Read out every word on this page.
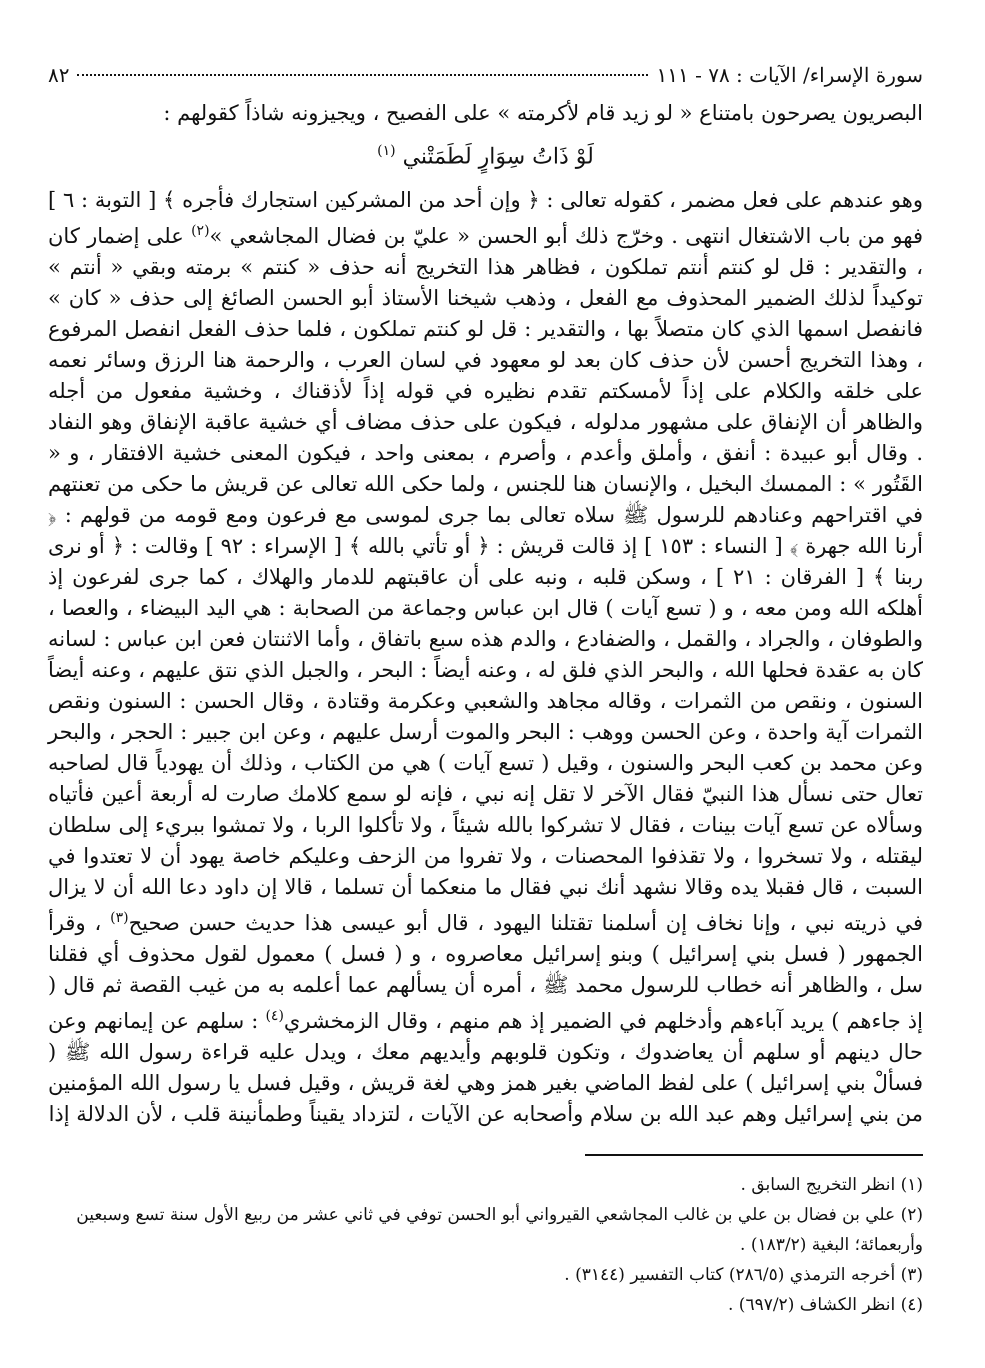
سورة الإسراء/ الآيات : ٧٨ - ١١١
٨٢

البصريون يصرحون بامتناع « لو زيد قام لأكرمته » على الفصيح ، ويجيزونه شاذاً كقولهم :

لَوْ ذَاتُ سِوَارٍ لَطَمَتْني $^{(١)}$

وهو عندهم على فعل مضمر ، كقوله تعالى : ﴿ وإن أحد من المشركين استجارك فأجره ﴾ [ التوبة : ٦ ] فهو من باب الاشتغال انتهى . وخرّج ذلك أبو الحسن « عليّ بن فضال المجاشعي »$^{(٢)}$ على إضمار كان ، والتقدير : قل لو كنتم أنتم تملكون ، فظاهر هذا التخريج أنه حذف « كنتم » برمته وبقي « أنتم » توكيداً لذلك الضمير المحذوف مع الفعل ، وذهب شيخنا الأستاذ أبو الحسن الصائغ إلى حذف « كان » فانفصل اسمها الذي كان متصلاً بها ، والتقدير : قل لو كنتم تملكون ، فلما حذف الفعل انفصل المرفوع ، وهذا التخريج أحسن لأن حذف كان بعد لو معهود في لسان العرب ، والرحمة هنا الرزق وسائر نعمه على خلقه والكلام على إذاً لأمسكتم تقدم نظيره في قوله إذاً لأذقناك ، وخشية مفعول من أجله والظاهر أن الإنفاق على مشهور مدلوله ، فيكون على حذف مضاف أي خشية عاقبة الإنفاق وهو النفاد . وقال أبو عبيدة : أنفق ، وأملق وأعدم ، وأصرم ، بمعنى واحد ، فيكون المعنى خشية الافتقار ، و « القَتُور » : الممسك البخيل ، والإنسان هنا للجنس ، ولما حكى الله تعالى عن قريش ما حكى من تعنتهم في اقتراحهم وعنادهم للرسول ﷺ سلاه تعالى بما جرى لموسى مع فرعون ومع قومه من قولهم : ﴿ أرنا الله جهرة ﴾ [ النساء : ١٥٣ ] إذ قالت قريش : ﴿ أو تأتي بالله ﴾ [ الإسراء : ٩٢ ] وقالت : ﴿ أو نرى ربنا ﴾ [ الفرقان : ٢١ ] ، وسكن قلبه ، ونبه على أن عاقبتهم للدمار والهلاك ، كما جرى لفرعون إذ أهلكه الله ومن معه ، و ( تسع آيات ) قال ابن عباس وجماعة من الصحابة : هي اليد البيضاء ، والعصا ، والطوفان ، والجراد ، والقمل ، والضفادع ، والدم هذه سبع باتفاق ، وأما الاثنتان فعن ابن عباس : لسانه كان به عقدة فحلها الله ، والبحر الذي فلق له ، وعنه أيضاً : البحر ، والجبل الذي نتق عليهم ، وعنه أيضاً السنون ، ونقص من الثمرات ، وقاله مجاهد والشعبي وعكرمة وقتادة ، وقال الحسن : السنون ونقص الثمرات آية واحدة ، وعن الحسن ووهب : البحر والموت أرسل عليهم ، وعن ابن جبير : الحجر ، والبحر وعن محمد بن كعب البحر والسنون ، وقيل ( تسع آيات ) هي من الكتاب ، وذلك أن يهودياً قال لصاحبه تعال حتى نسأل هذا النبيّ فقال الآخر لا تقل إنه نبي ، فإنه لو سمع كلامك صارت له أربعة أعين فأتياه وسألاه عن تسع آيات بينات ، فقال لا تشركوا بالله شيئاً ، ولا تأكلوا الربا ، ولا تمشوا ببريء إلى سلطان ليقتله ، ولا تسخروا ، ولا تقذفوا المحصنات ، ولا تفروا من الزحف وعليكم خاصة يهود أن لا تعتدوا في السبت ، قال فقبلا يده وقالا نشهد أنك نبي فقال ما منعكما أن تسلما ، قالا إن داود دعا الله أن لا يزال في ذريته نبي ، وإنا نخاف إن أسلمنا تقتلنا اليهود ، قال أبو عيسى هذا حديث حسن صحيح$^{(٣)}$ ، وقرأ الجمهور ( فسل بني إسرائيل ) وبنو إسرائيل معاصروه ، و ( فسل ) معمول لقول محذوف أي فقلنا سل ، والظاهر أنه خطاب للرسول محمد ﷺ ، أمره أن يسألهم عما أعلمه به من غيب القصة ثم قال ( إذ جاءهم ) يريد آباءهم وأدخلهم في الضمير إذ هم منهم ، وقال الزمخشري$^{(٤)}$ : سلهم عن إيمانهم وعن حال دينهم أو سلهم أن يعاضدوك ، وتكون قلوبهم وأيديهم معك ، ويدل عليه قراءة رسول الله ﷺ ( فسألْ بني إسرائيل ) على لفظ الماضي بغير همز وهي لغة قريش ، وقيل فسل يا رسول الله المؤمنين من بني إسرائيل وهم عبد الله بن سلام وأصحابه عن الآيات ، لتزداد يقيناً وطمأنينة قلب ، لأن الدلالة إذا

(١) انظر التخريج السابق .

(٢) علي بن فضال بن علي بن غالب المجاشعي القيرواني أبو الحسن توفي في ثاني عشر من ربيع الأول سنة تسع وسبعين وأربعمائة؛ البغية (١٨٣/٢) .

(٣) أخرجه الترمذي (٢٨٦/٥) كتاب التفسير (٣١٤٤) .

(٤) انظر الكشاف (٦٩٧/٢) .
